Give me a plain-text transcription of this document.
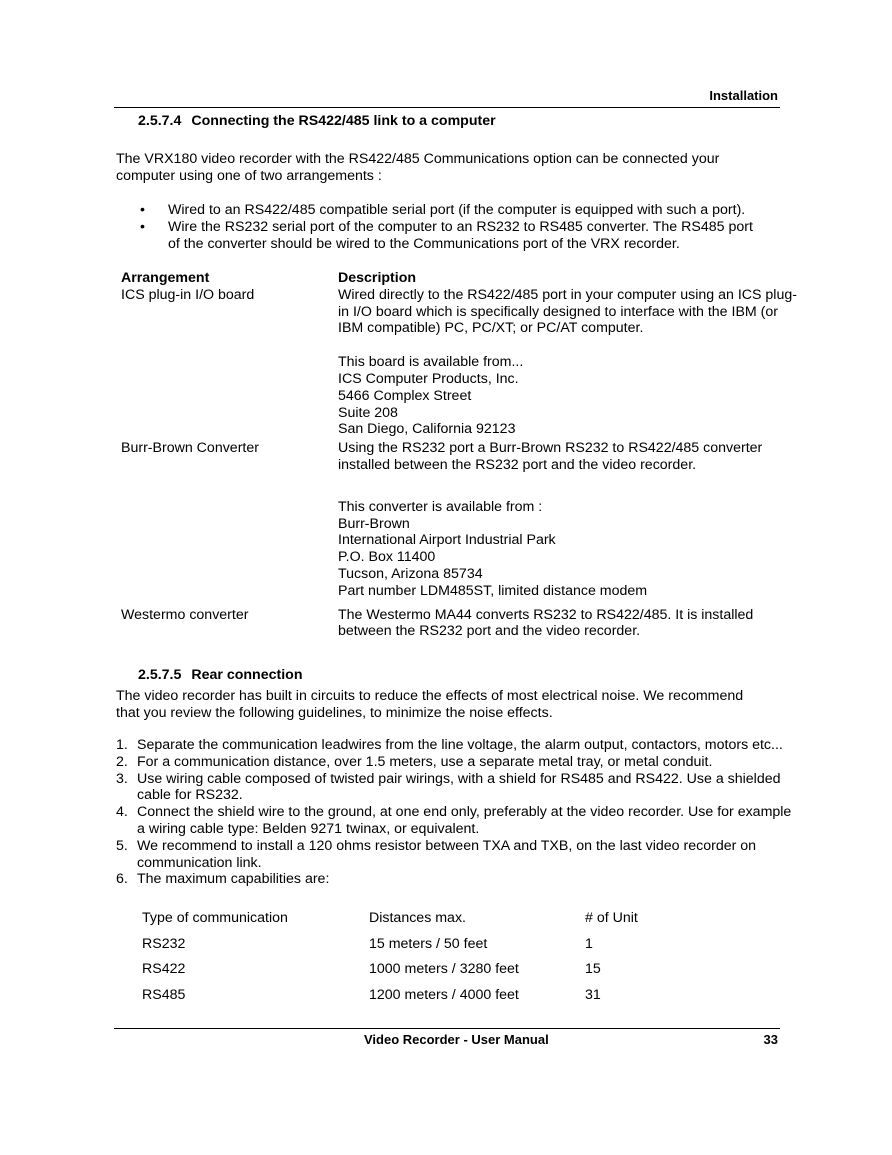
Installation
2.5.7.4 Connecting the RS422/485 link to a computer
The VRX180 video recorder with the RS422/485 Communications option can be connected your
computer using one of two arrangements :
• Wired to an RS422/485 compatible serial port (if the computer is equipped with such a port).
• Wire the RS232 serial port of the computer to an RS232 to RS485 converter. The RS485 port
of the converter should be wired to the Communications port of the VRX recorder.
Arrangement	Description
ICS plug-in I/O board	Wired directly to the RS422/485 port in your computer using an ICS plug-
in I/O board which is specifically designed to interface with the IBM (or
IBM compatible) PC, PC/XT; or PC/AT computer.
This board is available from...
ICS Computer Products, Inc.
5466 Complex Street
Suite 208
San Diego, California 92123
Burr-Brown Converter	Using the RS232 port a Burr-Brown RS232 to RS422/485 converter
installed between the RS232 port and the video recorder.
This converter is available from :
Burr-Brown
International Airport Industrial Park
P.O. Box 11400
Tucson, Arizona 85734
Part number LDM485ST, limited distance modem
Westermo converter	The Westermo MA44 converts RS232 to RS422/485. It is installed
between the RS232 port and the video recorder.
2.5.7.5 Rear connection
The video recorder has built in circuits to reduce the effects of most electrical noise. We recommend
that you review the following guidelines, to minimize the noise effects.
1. Separate the communication leadwires from the line voltage, the alarm output, contactors, motors etc...
2. For a communication distance, over 1.5 meters, use a separate metal tray, or metal conduit.
3. Use wiring cable composed of twisted pair wirings, with a shield for RS485 and RS422. Use a shielded
cable for RS232.
4. Connect the shield wire to the ground, at one end only, preferably at the video recorder. Use for example
a wiring cable type: Belden 9271 twinax, or equivalent.
5. We recommend to install a 120 ohms resistor between TXA and TXB, on the last video recorder on
communication link.
6. The maximum capabilities are:
Type of communication	Distances max.	# of Unit
RS232	15 meters / 50 feet	1
RS422	1000 meters / 3280 feet	15
RS485	1200 meters / 4000 feet	31
Video Recorder - User Manual	33
